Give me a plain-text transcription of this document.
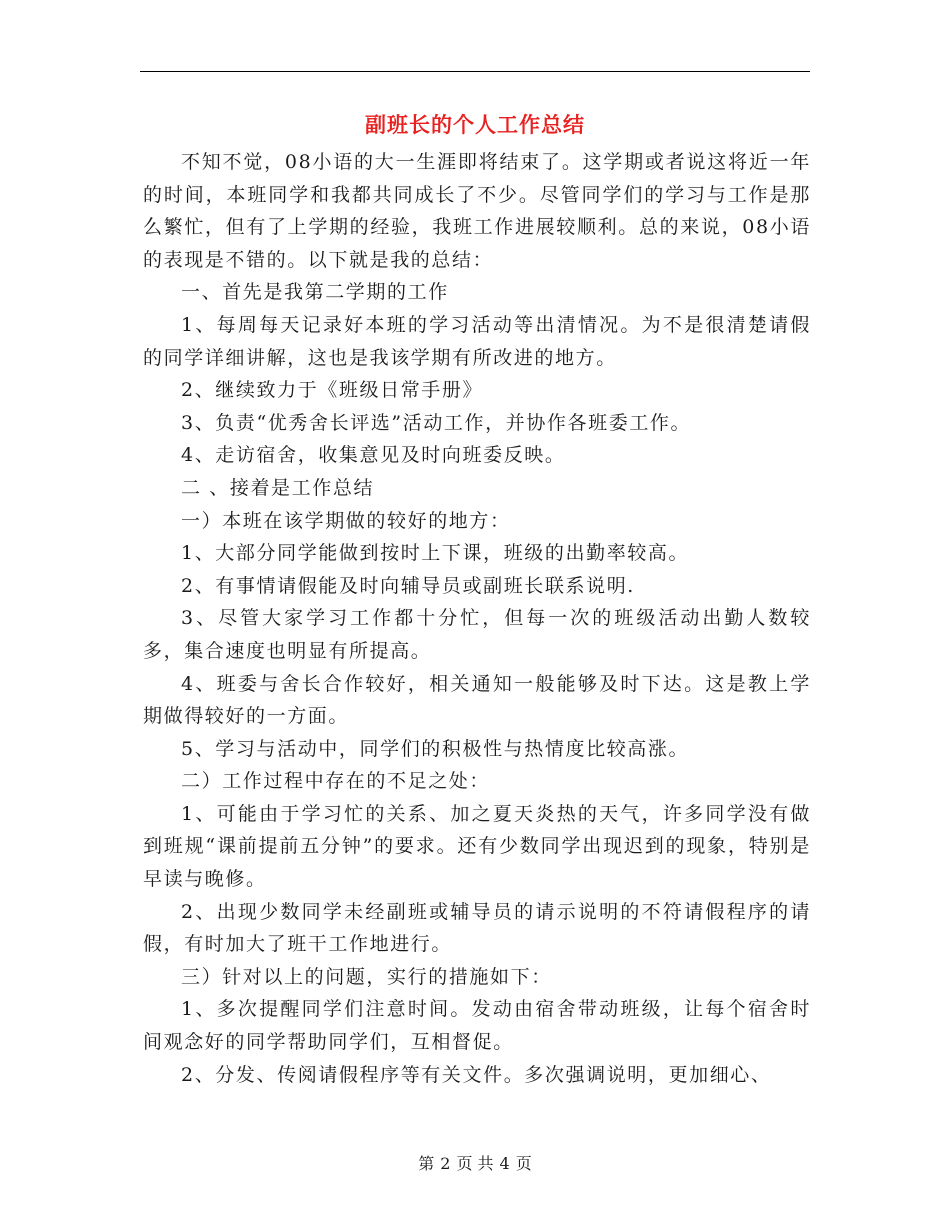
副班长的个人工作总结

不知不觉，08小语的大一生涯即将结束了。这学期或者说这将近一年的时间，本班同学和我都共同成长了不少。尽管同学们的学习与工作是那么繁忙，但有了上学期的经验，我班工作进展较顺利。总的来说，08小语的表现是不错的。以下就是我的总结：

一、首先是我第二学期的工作

1、每周每天记录好本班的学习活动等出清情况。为不是很清楚请假的同学详细讲解，这也是我该学期有所改进的地方。

2、继续致力于《班级日常手册》

3、负责“优秀舍长评选”活动工作，并协作各班委工作。

4、走访宿舍，收集意见及时向班委反映。

二 、接着是工作总结

一）本班在该学期做的较好的地方：

1、大部分同学能做到按时上下课，班级的出勤率较高。

2、有事情请假能及时向辅导员或副班长联系说明.

3、尽管大家学习工作都十分忙，但每一次的班级活动出勤人数较多，集合速度也明显有所提高。

4、班委与舍长合作较好，相关通知一般能够及时下达。这是教上学期做得较好的一方面。

5、学习与活动中，同学们的积极性与热情度比较高涨。

二）工作过程中存在的不足之处：

1、可能由于学习忙的关系、加之夏天炎热的天气，许多同学没有做到班规“课前提前五分钟”的要求。还有少数同学出现迟到的现象，特别是早读与晚修。

2、出现少数同学未经副班或辅导员的请示说明的不符请假程序的请假，有时加大了班干工作地进行。

三）针对以上的问题，实行的措施如下：

1、多次提醒同学们注意时间。发动由宿舍带动班级，让每个宿舍时间观念好的同学帮助同学们，互相督促。

2、分发、传阅请假程序等有关文件。多次强调说明，更加细心、

第 2 页 共 4 页
